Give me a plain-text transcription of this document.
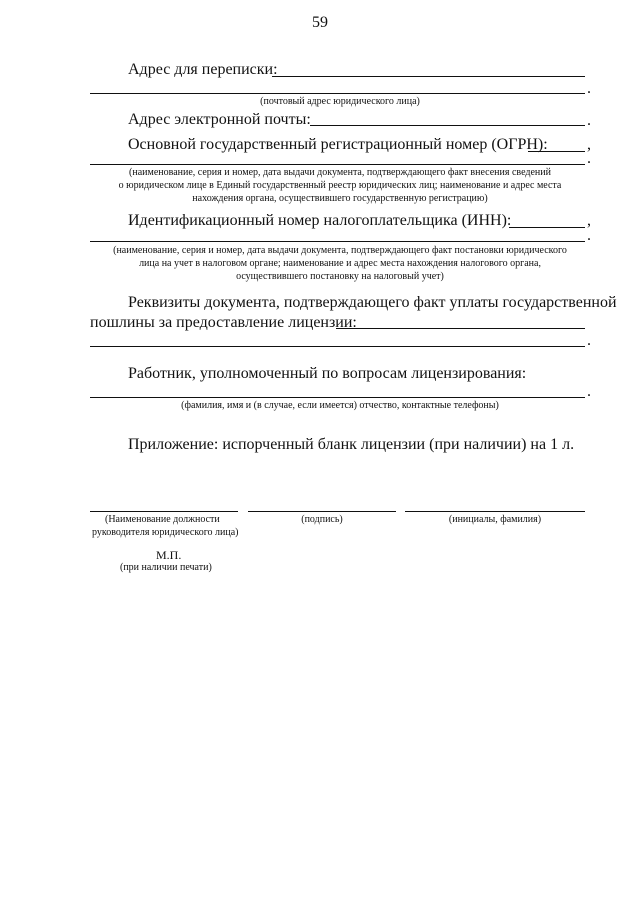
59
Адрес для переписки:
.
(почтовый адрес юридического лица)
Адрес электронной почты:	.
Основной государственный регистрационный номер (ОГРН): ,
.
(наименование, серия и номер, дата выдачи документа, подтверждающего факт внесения сведений
о юридическом лице в Единый государственный реестр юридических лиц; наименование и адрес места
нахождения органа, осуществившего государственную регистрацию)
Идентификационный номер налогоплательщика (ИНН):	,
.
(наименование, серия и номер, дата выдачи документа, подтверждающего факт постановки юридического
лица на учет в налоговом органе; наименование и адрес места нахождения налогового органа,
осуществившего постановку на налоговый учет)
Реквизиты документа, подтверждающего факт уплаты государственной
пошлины за предоставление лицензии:
.
Работник, уполномоченный по вопросам лицензирования:
.
(фамилия, имя и (в случае, если имеется) отчество, контактные телефоны)
Приложение: испорченный бланк лицензии (при наличии) на 1 л.
(Наименование должности
руководителя юридического лица)
(подпись)	(инициалы, фамилия)
М.П.
(при наличии печати)
